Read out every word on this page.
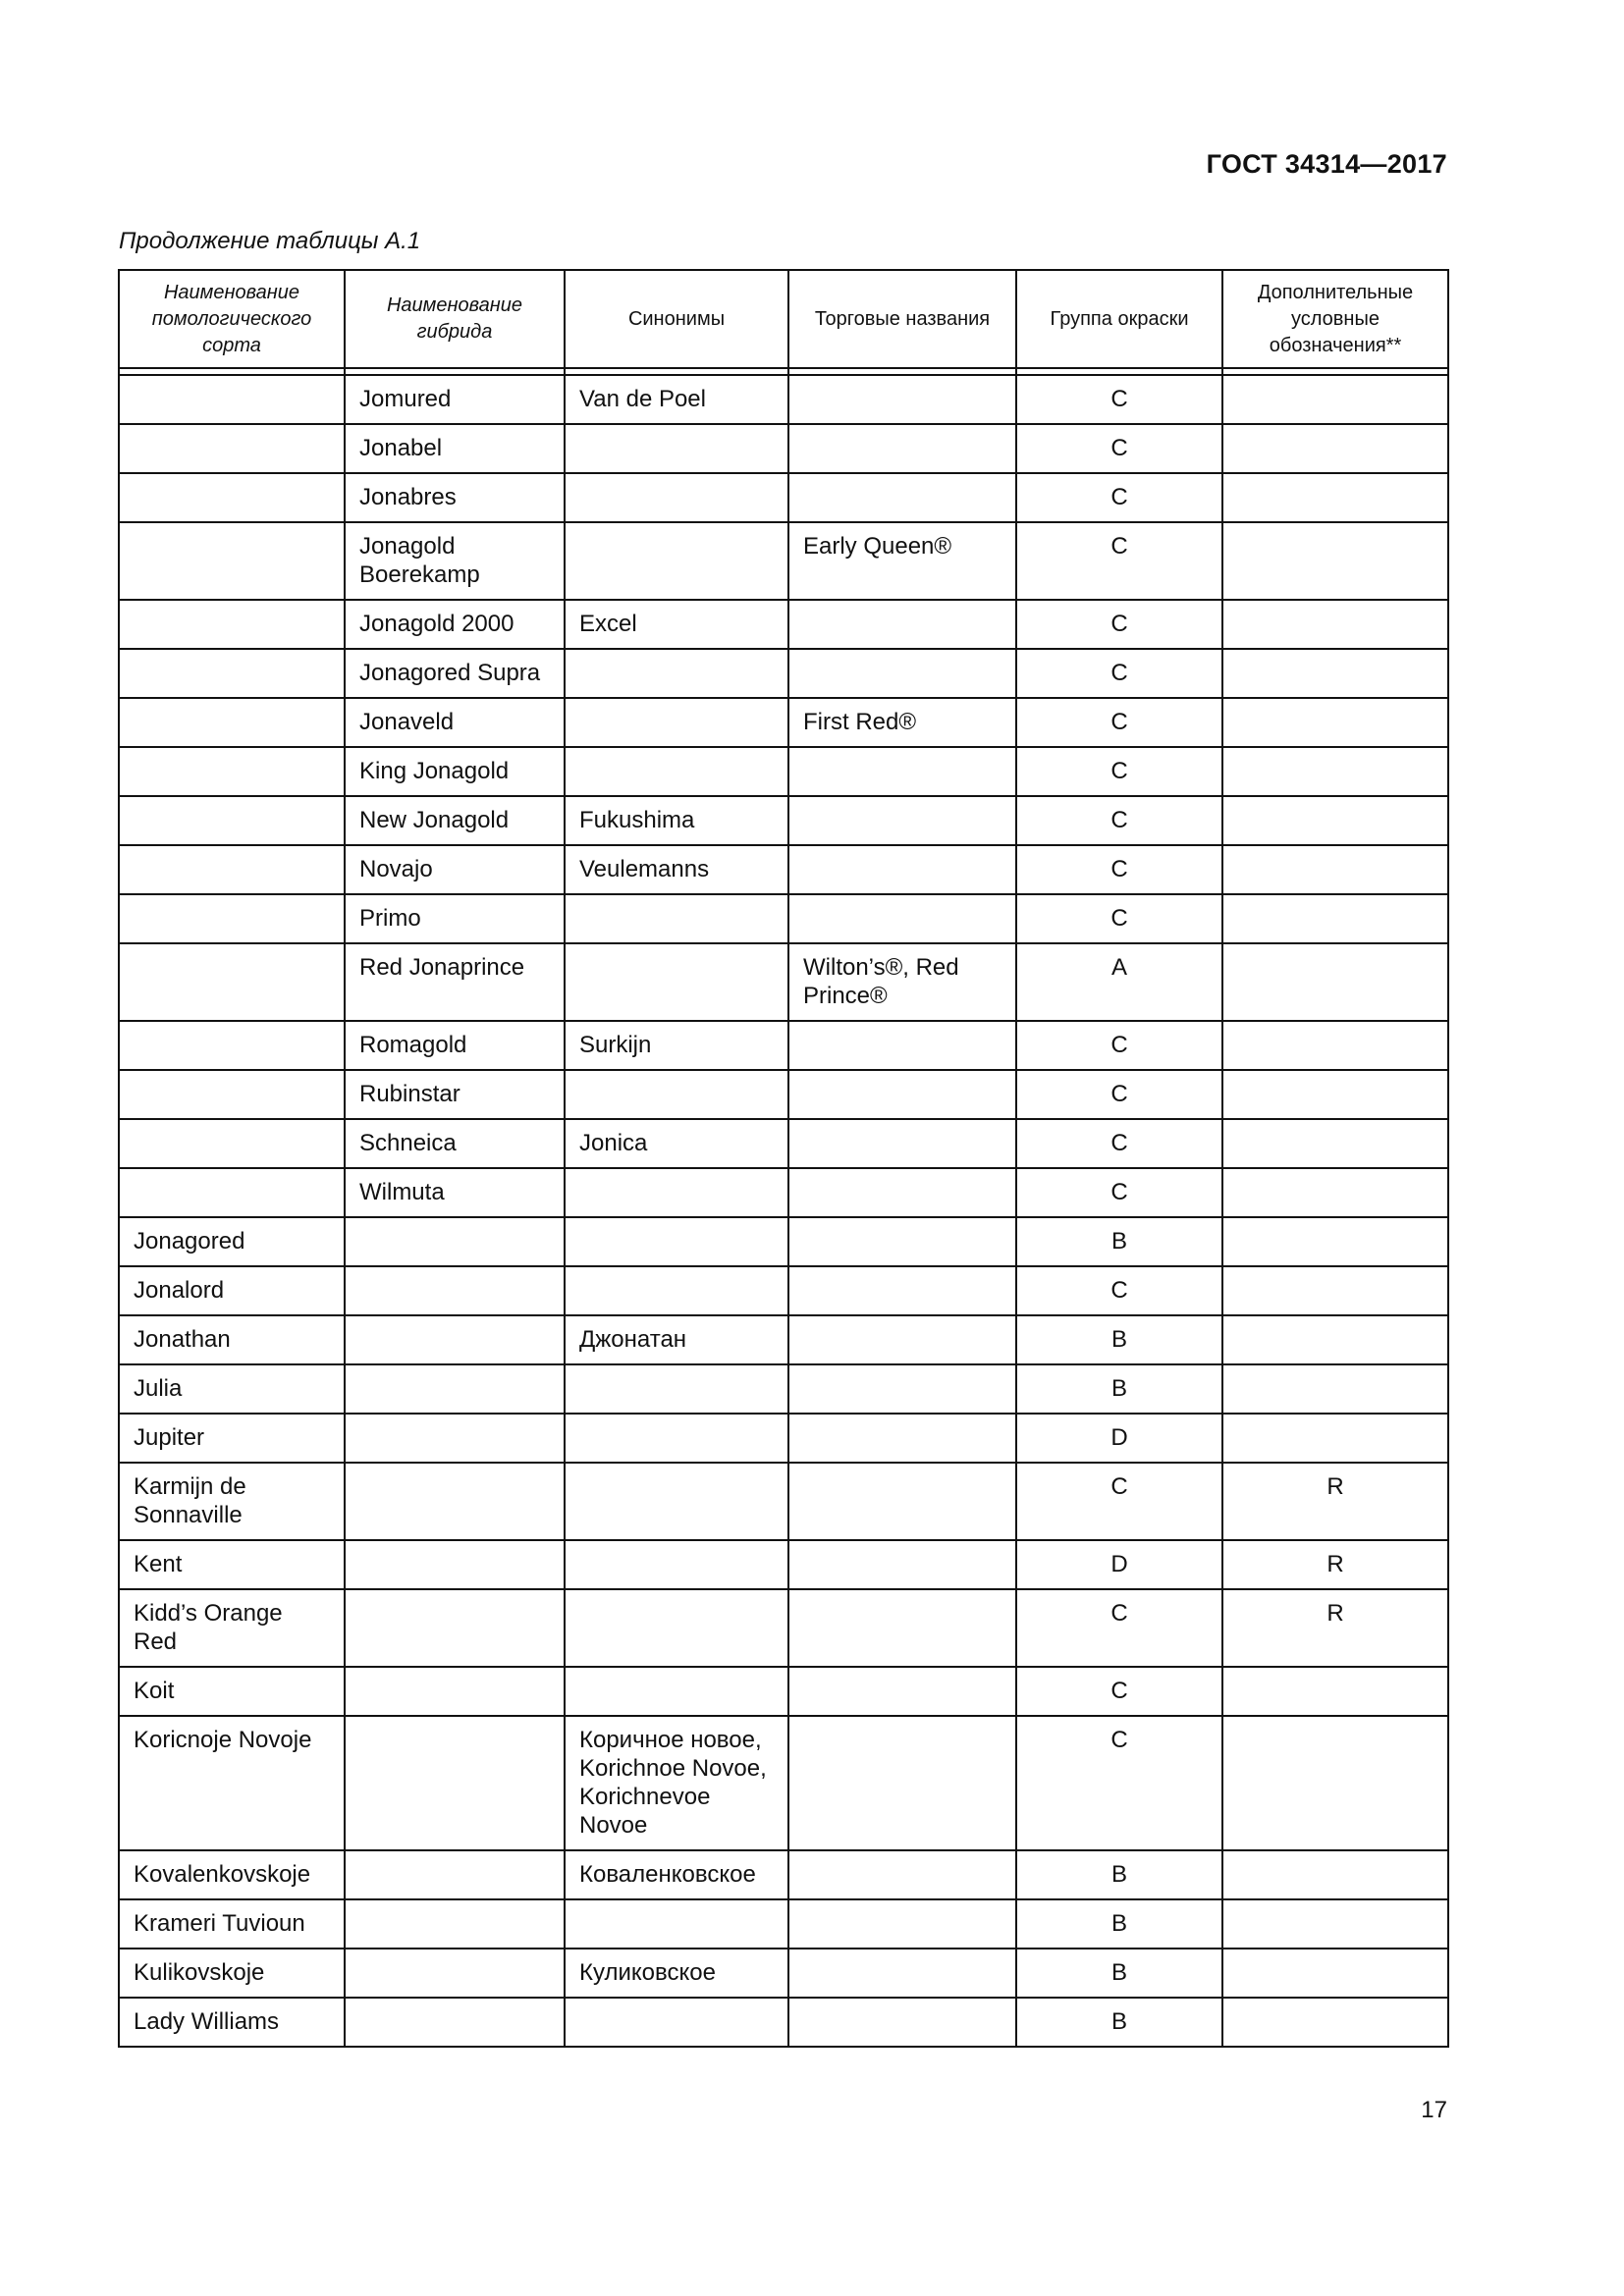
ГОСТ 34314—2017
Продолжение таблицы А.1
Наименование помологического сорта	Наименование гибрида	Синонимы	Торговые названия	Группа окраски	Дополнительные условные обозначения**

	Jomured	Van de Poel		C	
	Jonabel			C	
	Jonabres			C	
	Jonagold Boerekamp		Early Queen®	C	
	Jonagold 2000	Excel		C	
	Jonagored Supra			C	
	Jonaveld		First Red®	C	
	King Jonagold			C	
	New Jonagold	Fukushima		C	
	Novajo	Veulemanns		C	
	Primo			C	
	Red Jonaprince		Wilton’s®, Red Prince®	A	
	Romagold	Surkijn		C	
	Rubinstar			C	
	Schneica	Jonica		C	
	Wilmuta			C	
Jonagored				B	
Jonalord				C	
Jonathan		Джонатан		B	
Julia				B	
Jupiter				D	
Karmijn de Sonnaville				C	R
Kent				D	R
Kidd’s Orange Red				C	R
Koit				C	
Koricnoje Novoje		Коричное новое, Korichnoe Novoe, Korichnevoe Novoe		C	
Kovalenkovskoje		Коваленковское		B	
Krameri Tuvioun				B	
Kulikovskoje		Куликовское		B	
Lady Williams				B	
17
